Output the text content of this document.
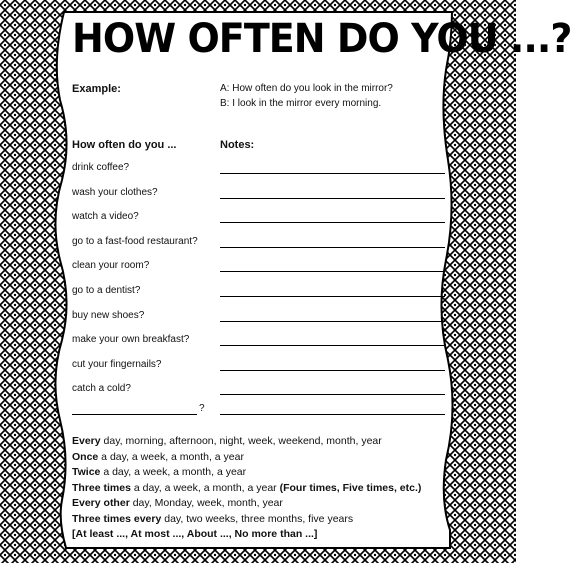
HOW OFTEN DO YOU ...?
Example:	A: How often do you look in the mirror?
B: I look in the mirror every morning.
How often do you ...	Notes:
drink coffee?
wash your clothes?
watch a video?
go to a fast-food restaurant?
clean your room?
go to a dentist?
buy new shoes?
make your own breakfast?
cut your fingernails?
catch a cold?
?
Every day, morning, afternoon, night, week, weekend, month, year
Once a day, a week, a month, a year
Twice a day, a week, a month, a year
Three times a day, a week, a month, a year (Four times, Five times, etc.)
Every other day, Monday, week, month, year
Three times every day, two weeks, three months, five years
[At least ..., At most ..., About ..., No more than ...]
